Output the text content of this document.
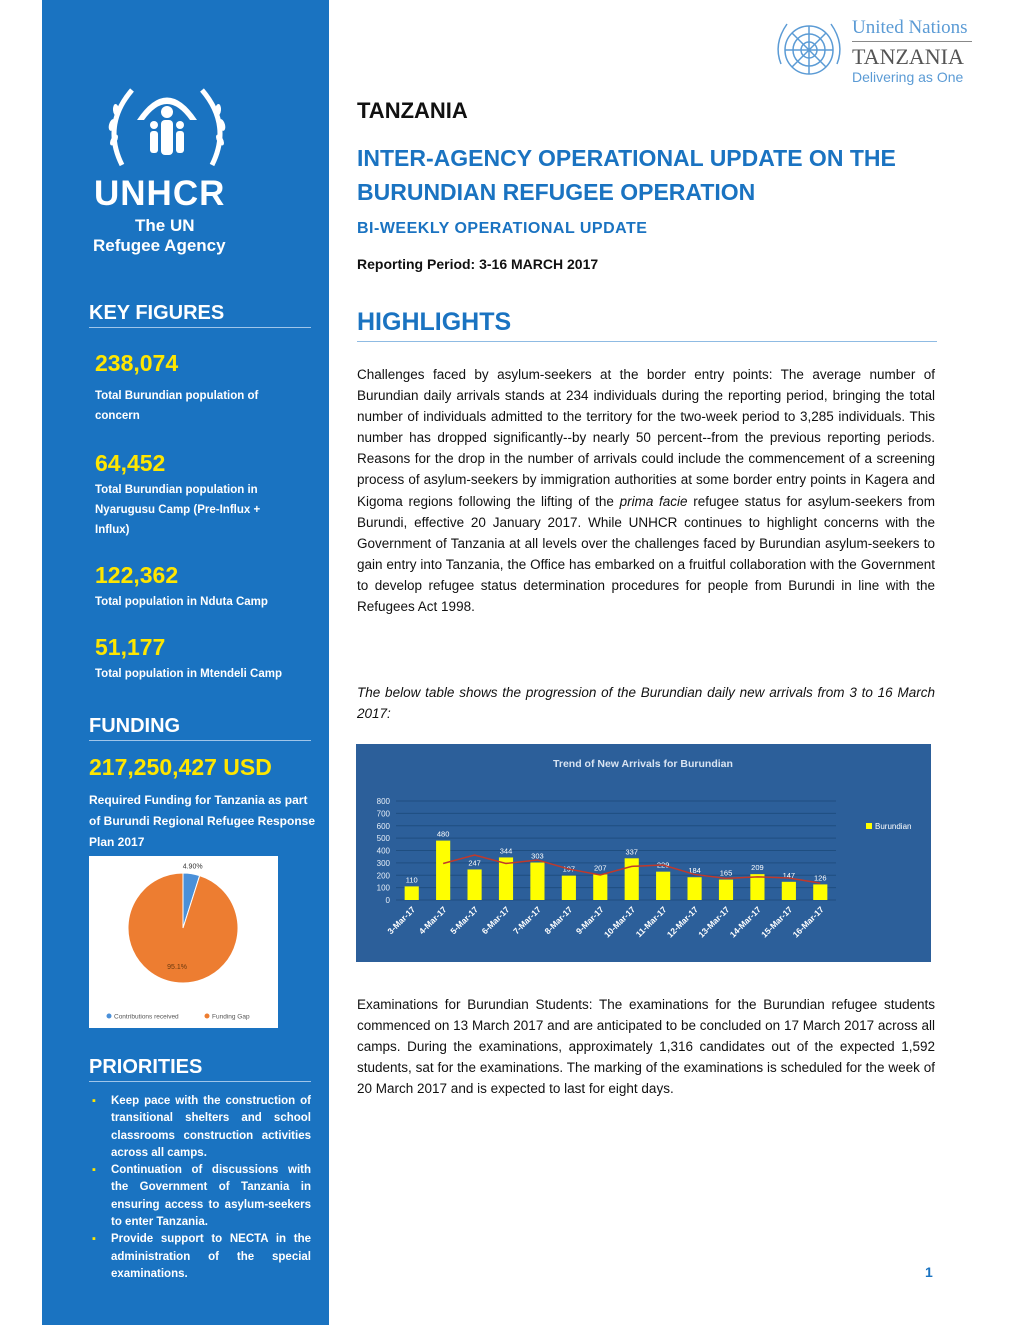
UNHCR
The UN
Refugee Agency
KEY FIGURES
238,074
Total Burundian population of concern
64,452
Total Burundian population in Nyarugusu Camp (Pre-Influx + Influx)
122,362
Total population in Nduta Camp
51,177
Total population in Mtendeli Camp
FUNDING
217,250,427 USD
Required Funding for Tanzania as part of Burundi Regional Refugee Response Plan 2017
4.90%
95.1%
Contributions received	Funding Gap
PRIORITIES
▪ Keep pace with the construction of transitional shelters and school classrooms construction activities across all camps.
▪ Continuation of discussions with the Government of Tanzania in ensuring access to asylum-seekers to enter Tanzania.
▪ Provide support to NECTA in the administration of the special examinations.
United Nations
TANZANIA
Delivering as One
TANZANIA
INTER-AGENCY OPERATIONAL UPDATE ON THE BURUNDIAN REFUGEE OPERATION
BI-WEEKLY OPERATIONAL UPDATE
Reporting Period: 3-16 MARCH 2017
HIGHLIGHTS
Challenges faced by asylum-seekers at the border entry points: The average number of Burundian daily arrivals stands at 234 individuals during the reporting period, bringing the total number of individuals admitted to the territory for the two-week period to 3,285 individuals. This number has dropped significantly--by nearly 50 percent--from the previous reporting periods. Reasons for the drop in the number of arrivals could include the commencement of a screening process of asylum-seekers by immigration authorities at some border entry points in Kagera and Kigoma regions following the lifting of the prima facie refugee status for asylum-seekers from Burundi, effective 20 January 2017. While UNHCR continues to highlight concerns with the Government of Tanzania at all levels over the challenges faced by Burundian asylum-seekers to gain entry into Tanzania, the Office has embarked on a fruitful collaboration with the Government to develop refugee status determination procedures for people from Burundi in line with the Refugees Act 1998.
The below table shows the progression of the Burundian daily new arrivals from 3 to 16 March 2017:
Trend of New Arrivals for Burundian
0
100
200
300
400
500
600
700
800
110
3-Mar-17
480
4-Mar-17
247
5-Mar-17
344
6-Mar-17
303
7-Mar-17
197
8-Mar-17
207
9-Mar-17
337
10-Mar-17
229
11-Mar-17
184
12-Mar-17
165
13-Mar-17
209
14-Mar-17
147
15-Mar-17
126
16-Mar-17
Burundian
Examinations for Burundian Students: The examinations for the Burundian refugee students commenced on 13 March 2017 and are anticipated to be concluded on 17 March 2017 across all camps. During the examinations, approximately 1,316 candidates out of the expected 1,592 students, sat for the examinations. The marking of the examinations is scheduled for the week of 20 March 2017 and is expected to last for eight days.
1
